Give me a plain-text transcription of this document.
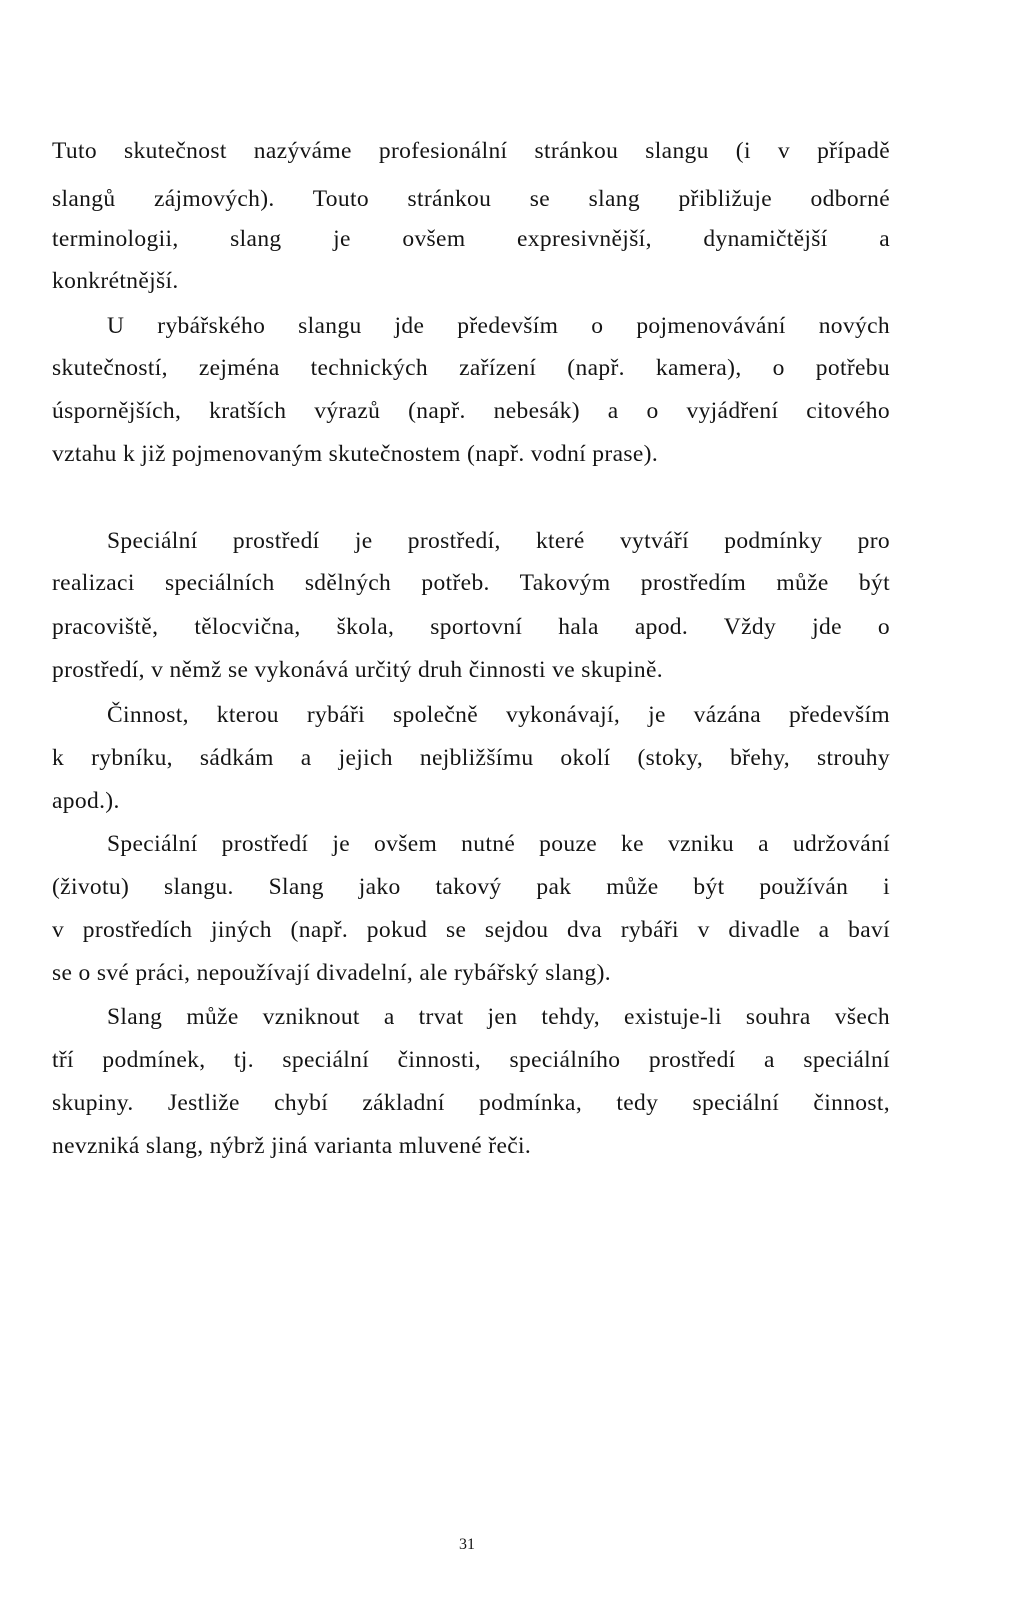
Tuto skutečnost nazýváme profesionální stránkou slangu (i v případě
slangů zájmových). Touto stránkou se slang přibližuje odborné
terminologii, slang je ovšem expresivnější, dynamičtější a
konkrétnější.
U rybářského slangu jde především o pojmenovávání nových
skutečností, zejména technických zařízení (např. kamera), o potřebu
úspornějších, kratších výrazů (např. nebesák) a o vyjádření citového
vztahu k již pojmenovaným skutečnostem (např. vodní prase).
Speciální prostředí je prostředí, které vytváří podmínky pro
realizaci speciálních sdělných potřeb. Takovým prostředím může být
pracoviště, tělocvična, škola, sportovní hala apod. Vždy jde o
prostředí, v němž se vykonává určitý druh činnosti ve skupině.
Činnost, kterou rybáři společně vykonávají, je vázána především
k rybníku, sádkám a jejich nejbližšímu okolí (stoky, břehy, strouhy
apod.).
Speciální prostředí je ovšem nutné pouze ke vzniku a udržování
(životu) slangu. Slang jako takový pak může být používán i
v prostředích jiných (např. pokud se sejdou dva rybáři v divadle a baví
se o své práci, nepoužívají divadelní, ale rybářský slang).
Slang může vzniknout a trvat jen tehdy, existuje-li souhra všech
tří podmínek, tj. speciální činnosti, speciálního prostředí a speciální
skupiny. Jestliže chybí základní podmínka, tedy speciální činnost,
nevzniká slang, nýbrž jiná varianta mluvené řeči.
31
